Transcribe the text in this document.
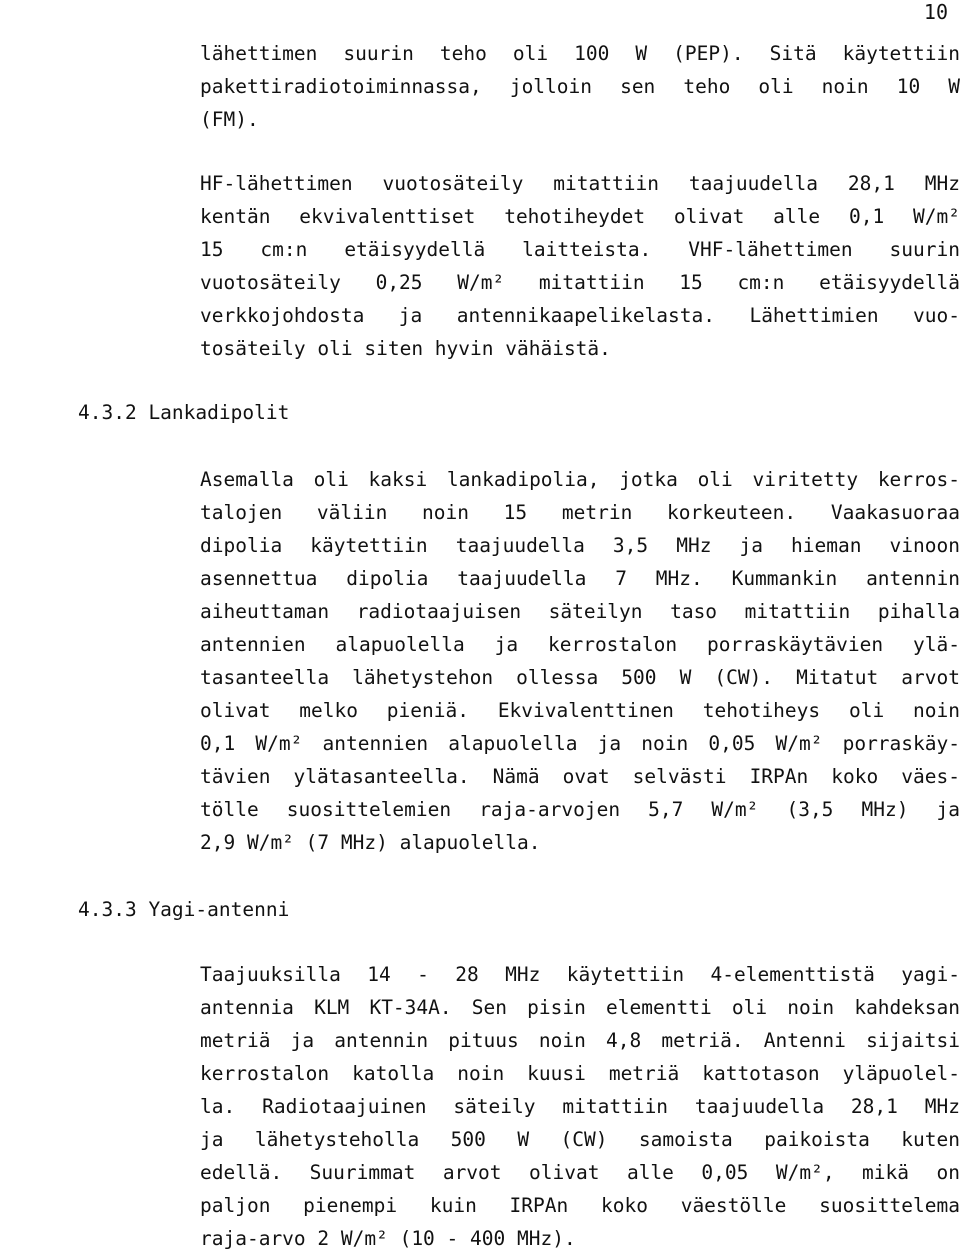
10
lähettimen suurin teho oli 100 W (PEP). Sitä käytettiin
pakettiradiotoiminnassa, jolloin sen teho oli noin 10 W
(FM).
HF-lähettimen vuotosäteily mitattiin taajuudella 28,1 MHz
kentän ekvivalenttiset tehotiheydet olivat alle 0,1 W/m²
15 cm:n etäisyydellä laitteista. VHF-lähettimen suurin
vuotosäteily 0,25 W/m² mitattiin 15 cm:n etäisyydellä
verkkojohdosta ja antennikaapelikelasta. Lähettimien vuo-
tosäteily oli siten hyvin vähäistä.
4.3.2 Lankadipolit
Asemalla oli kaksi lankadipolia, jotka oli viritetty kerros-
talojen väliin noin 15 metrin korkeuteen. Vaakasuoraa
dipolia käytettiin taajuudella 3,5 MHz ja hieman vinoon
asennettua dipolia taajuudella 7 MHz. Kummankin antennin
aiheuttaman radiotaajuisen säteilyn taso mitattiin pihalla
antennien alapuolella ja kerrostalon porraskäytävien ylä-
tasanteella lähetystehon ollessa 500 W (CW). Mitatut arvot
olivat melko pieniä. Ekvivalenttinen tehotiheys oli noin
0,1 W/m² antennien alapuolella ja noin 0,05 W/m² porraskäy-
tävien ylätasanteella. Nämä ovat selvästi IRPAn koko väes-
tölle suosittelemien raja-arvojen 5,7 W/m² (3,5 MHz) ja
2,9 W/m² (7 MHz) alapuolella.
4.3.3 Yagi-antenni
Taajuuksilla 14 - 28 MHz käytettiin 4-elementtistä yagi-
antennia KLM KT-34A. Sen pisin elementti oli noin kahdeksan
metriä ja antennin pituus noin 4,8 metriä. Antenni sijaitsi
kerrostalon katolla noin kuusi metriä kattotason yläpuolel-
la. Radiotaajuinen säteily mitattiin taajuudella 28,1 MHz
ja lähetysteholla 500 W (CW) samoista paikoista kuten
edellä. Suurimmat arvot olivat alle 0,05 W/m², mikä on
paljon pienempi kuin IRPAn koko väestölle suosittelema
raja-arvo 2 W/m² (10 - 400 MHz).
